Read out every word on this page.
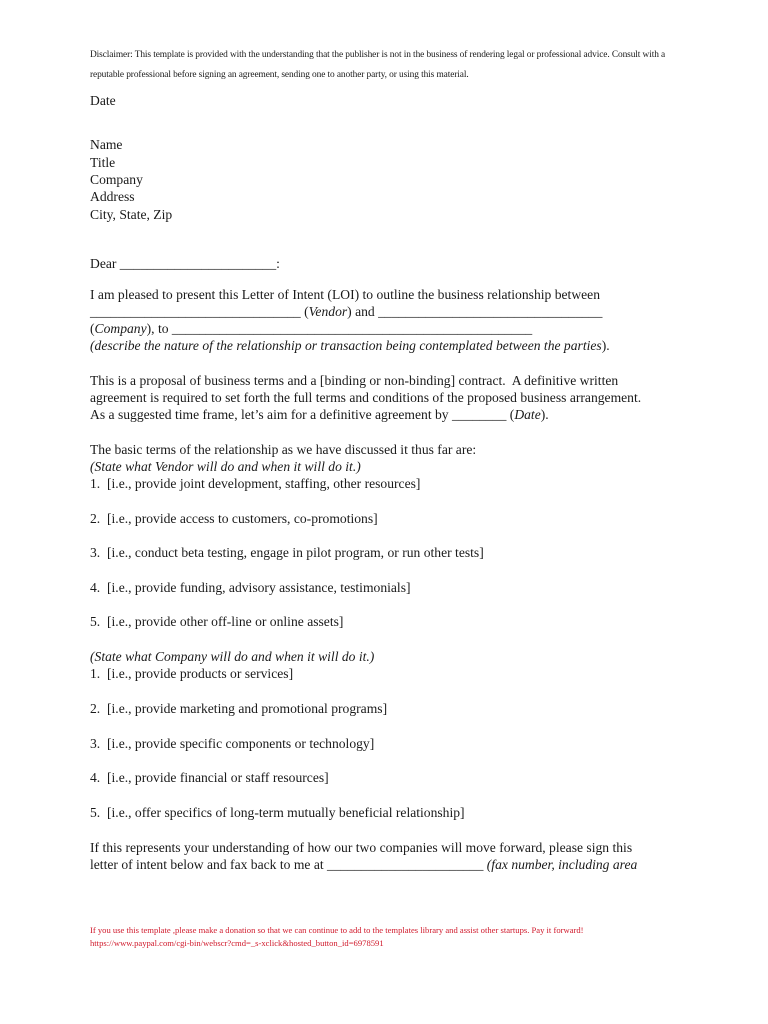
Disclaimer: This template is provided with the understanding that the publisher is not in the business of rendering legal or professional advice. Consult with a reputable professional before signing an agreement, sending one to another party, or using this material.
Date
Name
Title
Company
Address
City, State, Zip
Dear _______________________:
I am pleased to present this Letter of Intent (LOI) to outline the business relationship between
_______________________________ (Vendor) and _________________________________
(Company), to _____________________________________________________
(describe the nature of the relationship or transaction being contemplated between the parties).
This is a proposal of business terms and a [binding or non-binding] contract.  A definitive written
agreement is required to set forth the full terms and conditions of the proposed business arrangement.
As a suggested time frame, let’s aim for a definitive agreement by ________ (Date).
The basic terms of the relationship as we have discussed it thus far are:
(State what Vendor will do and when it will do it.)
1.  [i.e., provide joint development, staffing, other resources]
2.  [i.e., provide access to customers, co-promotions]
3.  [i.e., conduct beta testing, engage in pilot program, or run other tests]
4.  [i.e., provide funding, advisory assistance, testimonials]
5.  [i.e., provide other off-line or online assets]
(State what Company will do and when it will do it.)
1.  [i.e., provide products or services]
2.  [i.e., provide marketing and promotional programs]
3.  [i.e., provide specific components or technology]
4.  [i.e., provide financial or staff resources]
5.  [i.e., offer specifics of long-term mutually beneficial relationship]
If this represents your understanding of how our two companies will move forward, please sign this
letter of intent below and fax back to me at _______________________ (fax number, including area
If you use this template ,please make a donation so that we can continue to add to the templates library and assist other startups. Pay it forward!
https://www.paypal.com/cgi-bin/webscr?cmd=_s-xclick&hosted_button_id=6978591
